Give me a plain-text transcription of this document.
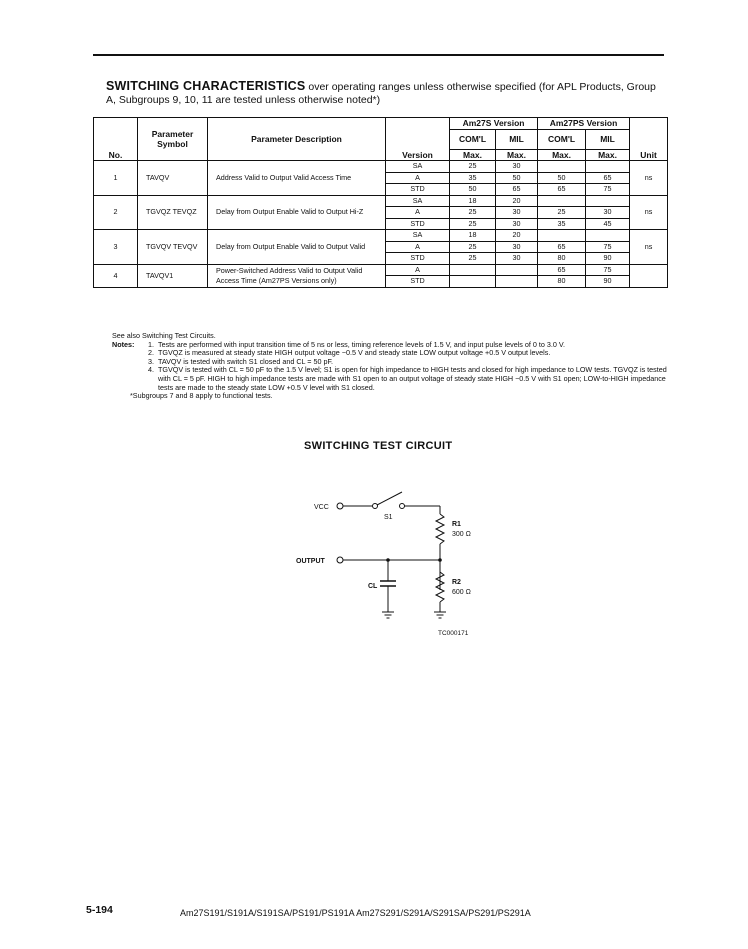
SWITCHING CHARACTERISTICS over operating ranges unless otherwise specified (for APL Products, Group A, Subgroups 9, 10, 11 are tested unless otherwise noted*)
				Am27S Version		Am27PS Version		
	Parameter Symbol	Parameter Description		COM'L	MIL	COM'L	MIL	
No.			Version	Max.	Max.	Max.	Max.	Unit
1	TAVQV	Address Valid to Output Valid Access Time	SA	25	30			ns
			A	35	50	50	65	
			STD	50	65	65	75	
2	TGVQZ TEVQZ	Delay from Output Enable Valid to Output Hi-Z	SA	18	20			ns
			A	25	30	25	30	
			STD	25	30	35	45	
3	TGVQV TEVQV	Delay from Output Enable Valid to Output Valid	SA	18	20			ns
			A	25	30	65	75	
			STD	25	30	80	90	
4	TAVQV1	Power-Switched Address Valid to Output Valid Access Time (Am27PS Versions only)	A			65	75	
			STD			80	90	
See also Switching Test Circuits.
Notes:	1. Tests are performed with input transition time of 5 ns or less, timing reference levels of 1.5 V, and input pulse levels of 0 to 3.0 V.
2. TGVQZ is measured at steady state HIGH output voltage −0.5 V and steady state LOW output voltage +0.5 V output levels.
3. TAVQV is tested with switch S1 closed and CL = 50 pF.
4. TGVQV is tested with CL = 50 pF to the 1.5 V level; S1 is open for high impedance to HIGH tests and closed for high impedance to LOW tests. TGVQZ is tested with CL = 5 pF. HIGH to high impedance tests are made with S1 open to an output voltage of steady state HIGH −0.5 V with S1 open; LOW-to-HIGH impedance tests are made to the steady state LOW +0.5 V level with S1 closed.
*Subgroups 7 and 8 apply to functional tests.
SWITCHING TEST CIRCUIT
VCC
S1
R1
300 Ω
OUTPUT
CL
R2
600 Ω
TC000171
5-194	Am27S191/S191A/S191SA/PS191/PS191A Am27S291/S291A/S291SA/PS291/PS291A
